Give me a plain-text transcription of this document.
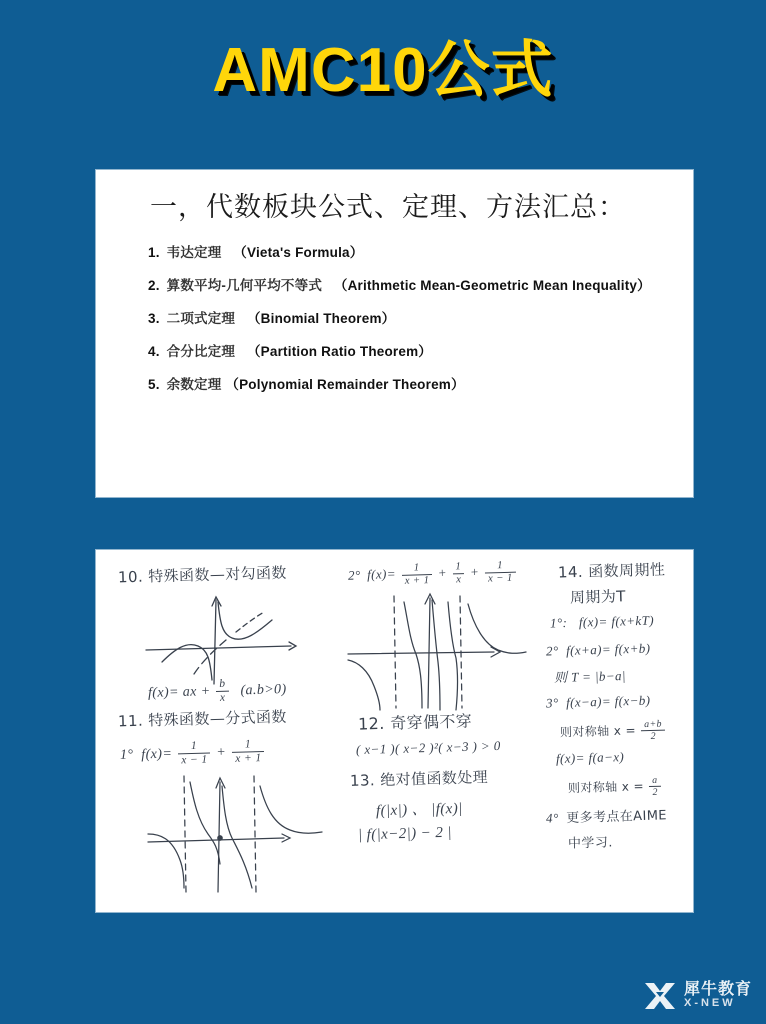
AMC10公式
一，代数板块公式、定理、方法汇总：
1. 韦达定理 （Vieta's Formula）
2. 算数平均-几何平均不等式 （Arithmetic Mean-Geometric Mean Inequality）
3. 二项式定理 （Binomial Theorem）
4. 合分比定理 （Partition Ratio Theorem）
5. 余数定理 （Polynomial Remainder Theorem）
10. 特殊函数—对勾函数
f(x)= ax + $\frac{b}{x} (a.b>0)$
11. 特殊函数—分式函数
1° $f(x)= \frac{1}{x - 1} + \frac{1}{x + 1}$
2° $f(x)= \frac{1}{x + 1} + \frac{1}{x} + \frac{1}{x - 1}$
12. 奇穿偶不穿
( x−1 )( x−2 )²( x−3 ) > 0
13. 绝对值函数处理
f(|x|) 、 |f(x)|
| f(|x−2|) − 2 |
14. 函数周期性
周期为T
1°: f(x)= f(x+kT)
2° f(x+a)= f(x+b)
则 T = |b−a|
3° f(x−a)= f(x−b)
则对称轴 $x = \frac{a+b}{2}$
f(x)= f(a−x)
则对称轴 $x = \frac{a}{2}$
4° 更多考点在AIME
中学习.
犀牛教育
X-NEW
